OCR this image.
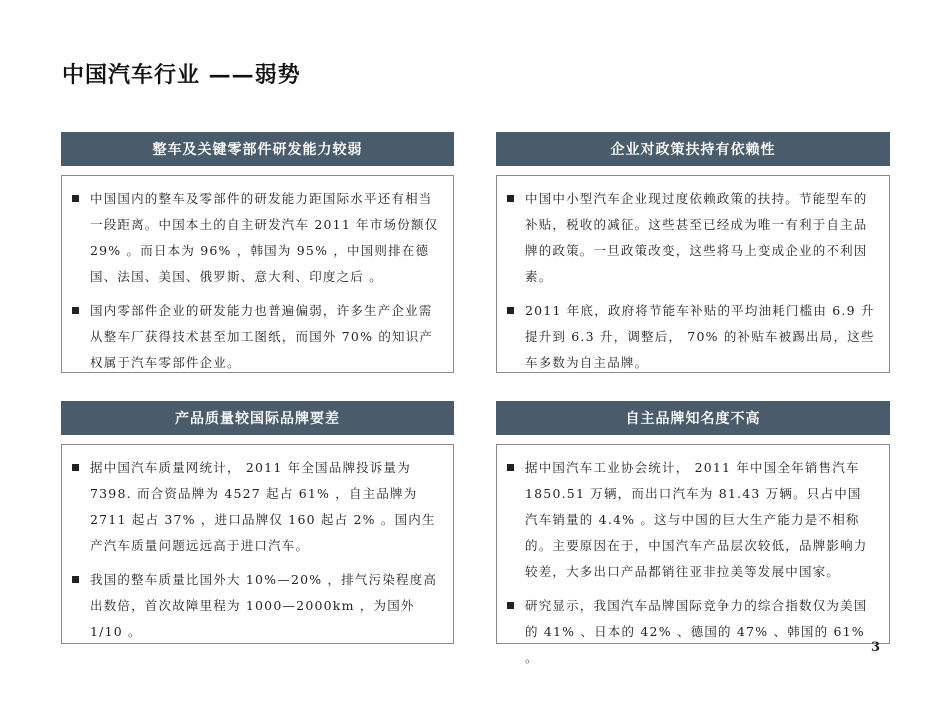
中国汽车行业 ——弱势
整车及关键零部件研发能力较弱
中国国内的整车及零部件的研发能力距国际水平还有相当一段距离。中国本土的自主研发汽车 2011 年市场份额仅 29% 。而日本为 96% ，韩国为 95% ，中国则排在德国、法国、美国、俄罗斯、意大利、印度之后 。
国内零部件企业的研发能力也普遍偏弱，许多生产企业需从整车厂获得技术甚至加工图纸，而国外 70% 的知识产权属于汽车零部件企业。
企业对政策扶持有依赖性
中国中小型汽车企业现过度依赖政策的扶持。节能型车的补贴，税收的减征。这些甚至已经成为唯一有利于自主品牌的政策。一旦政策改变，这些将马上变成企业的不利因素。
2011 年底，政府将节能车补贴的平均油耗门槛由 6.9 升提升到 6.3 升，调整后， 70% 的补贴车被踢出局，这些车多数为自主品牌。
产品质量较国际品牌要差
据中国汽车质量网统计， 2011 年全国品牌投诉量为 7398. 而合资品牌为 4527 起占 61% ，自主品牌为 2711 起占 37% ，进口品牌仅 160 起占 2% 。国内生产汽车质量问题远远高于进口汽车。
我国的整车质量比国外大 10%—20% ，排气污染程度高出数倍，首次故障里程为 1000—2000km ，为国外 1/10 。
自主品牌知名度不高
据中国汽车工业协会统计， 2011 年中国全年销售汽车 1850.51 万辆，而出口汽车为 81.43 万辆。只占中国汽车销量的 4.4% 。这与中国的巨大生产能力是不相称的。主要原因在于，中国汽车产品层次较低，品牌影响力较差，大多出口产品都销往亚非拉美等发展中国家。
研究显示，我国汽车品牌国际竞争力的综合指数仅为美国的 41% 、日本的 42% 、德国的 47% 、韩国的 61% 。
3
